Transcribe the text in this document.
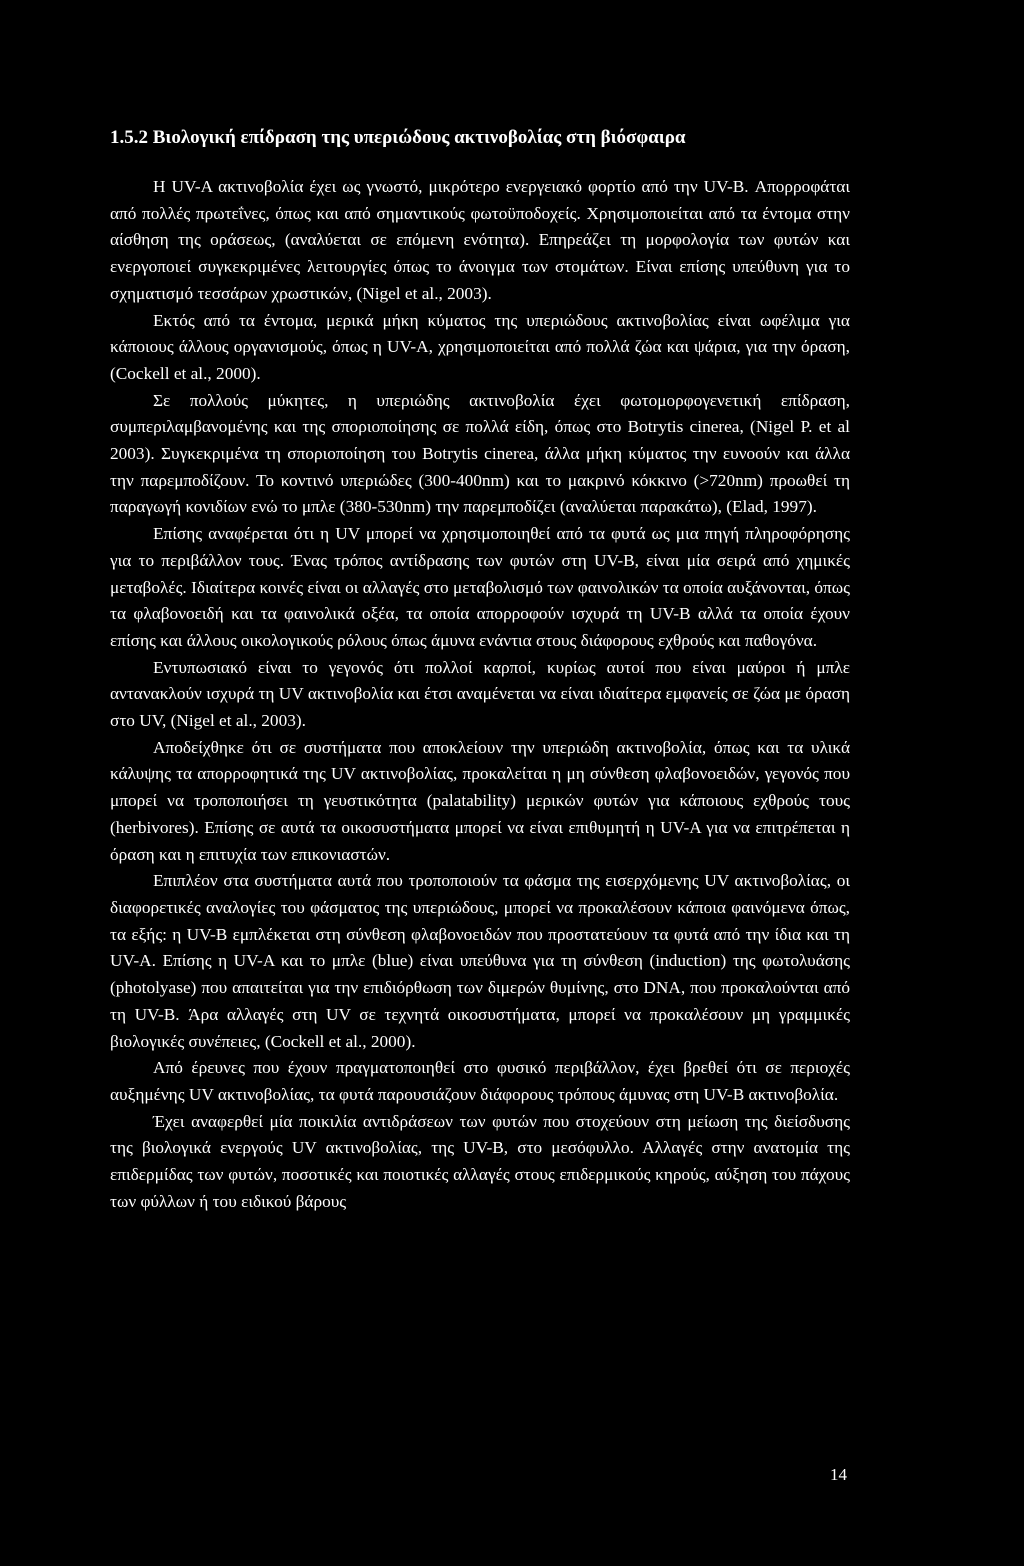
1.5.2 Βιολογική επίδραση της υπεριώδους ακτινοβολίας στη βιόσφαιρα

Η UV-A ακτινοβολία έχει ως γνωστό, μικρότερο ενεργειακό φορτίο από την UV-B. Απορροφάται από πολλές πρωτεΐνες, όπως και από σημαντικούς φωτοϋποδοχείς. Χρησιμοποιείται από τα έντομα στην αίσθηση της οράσεως, (αναλύεται σε επόμενη ενότητα). Επηρεάζει τη μορφολογία των φυτών και ενεργοποιεί συγκεκριμένες λειτουργίες όπως το άνοιγμα των στομάτων. Είναι επίσης υπεύθυνη για το σχηματισμό τεσσάρων χρωστικών, (Nigel et al., 2003).

Εκτός από τα έντομα, μερικά μήκη κύματος της υπεριώδους ακτινοβολίας είναι ωφέλιμα για κάποιους άλλους οργανισμούς, όπως η UV-A, χρησιμοποιείται από πολλά ζώα και ψάρια, για την όραση, (Cockell et al., 2000).

Σε πολλούς μύκητες, η υπεριώδης ακτινοβολία έχει φωτομορφογενετική επίδραση, συμπεριλαμβανομένης και της σποριοποίησης σε πολλά είδη, όπως στο Botrytis cinerea, (Nigel P. et al 2003). Συγκεκριμένα τη σποριοποίηση του Botrytis cinerea, άλλα μήκη κύματος την ευνοούν και άλλα την παρεμποδίζουν. Το κοντινό υπεριώδες (300-400nm) και το μακρινό κόκκινο (>720nm) προωθεί τη παραγωγή κονιδίων ενώ το μπλε (380-530nm) την παρεμποδίζει (αναλύεται παρακάτω), (Elad, 1997).

Επίσης αναφέρεται ότι η UV μπορεί να χρησιμοποιηθεί από τα φυτά ως μια πηγή πληροφόρησης για το περιβάλλον τους. Ένας τρόπος αντίδρασης των φυτών στη UV-B, είναι μία σειρά από χημικές μεταβολές. Ιδιαίτερα κοινές είναι οι αλλαγές στο μεταβολισμό των φαινολικών τα οποία αυξάνονται, όπως τα φλαβονοειδή και τα φαινολικά οξέα, τα οποία απορροφούν ισχυρά τη UV-B αλλά τα οποία έχουν επίσης και άλλους οικολογικούς ρόλους όπως άμυνα ενάντια στους διάφορους εχθρούς και παθογόνα.

Εντυπωσιακό είναι το γεγονός ότι πολλοί καρποί, κυρίως αυτοί που είναι μαύροι ή μπλε αντανακλούν ισχυρά τη UV ακτινοβολία και έτσι αναμένεται να είναι ιδιαίτερα εμφανείς σε ζώα με όραση στο UV, (Nigel et al., 2003).

Αποδείχθηκε ότι σε συστήματα που αποκλείουν την υπεριώδη ακτινοβολία, όπως και τα υλικά κάλυψης τα απορροφητικά της UV ακτινοβολίας, προκαλείται η μη σύνθεση φλαβονοειδών, γεγονός που μπορεί να τροποποιήσει τη γευστικότητα (palatability) μερικών φυτών για κάποιους εχθρούς τους (herbivores). Επίσης σε αυτά τα οικοσυστήματα μπορεί να είναι επιθυμητή η UV-A για να επιτρέπεται η όραση και η επιτυχία των επικονιαστών.

Επιπλέον στα συστήματα αυτά που τροποποιούν τα φάσμα της εισερχόμενης UV ακτινοβολίας, οι διαφορετικές αναλογίες του φάσματος της υπεριώδους, μπορεί να προκαλέσουν κάποια φαινόμενα όπως, τα εξής: η UV-B εμπλέκεται στη σύνθεση φλαβονοειδών που προστατεύουν τα φυτά από την ίδια και τη UV-A. Επίσης η UV-A και το μπλε (blue) είναι υπεύθυνα για τη σύνθεση (induction) της φωτολυάσης (photolyase) που απαιτείται για την επιδιόρθωση των διμερών θυμίνης, στο DNA, που προκαλούνται από τη UV-B. Άρα αλλαγές στη UV σε τεχνητά οικοσυστήματα, μπορεί να προκαλέσουν μη γραμμικές βιολογικές συνέπειες, (Cockell et al., 2000).

Από έρευνες που έχουν πραγματοποιηθεί στο φυσικό περιβάλλον, έχει βρεθεί ότι σε περιοχές αυξημένης UV ακτινοβολίας, τα φυτά παρουσιάζουν διάφορους τρόπους άμυνας στη UV-B ακτινοβολία.

Έχει αναφερθεί μία ποικιλία αντιδράσεων των φυτών που στοχεύουν στη μείωση της διείσδυσης της βιολογικά ενεργούς UV ακτινοβολίας, της UV-B, στο μεσόφυλλο. Αλλαγές στην ανατομία της επιδερμίδας των φυτών, ποσοτικές και ποιοτικές αλλαγές στους επιδερμικούς κηρούς, αύξηση του πάχους των φύλλων ή του ειδικού βάρους

14
